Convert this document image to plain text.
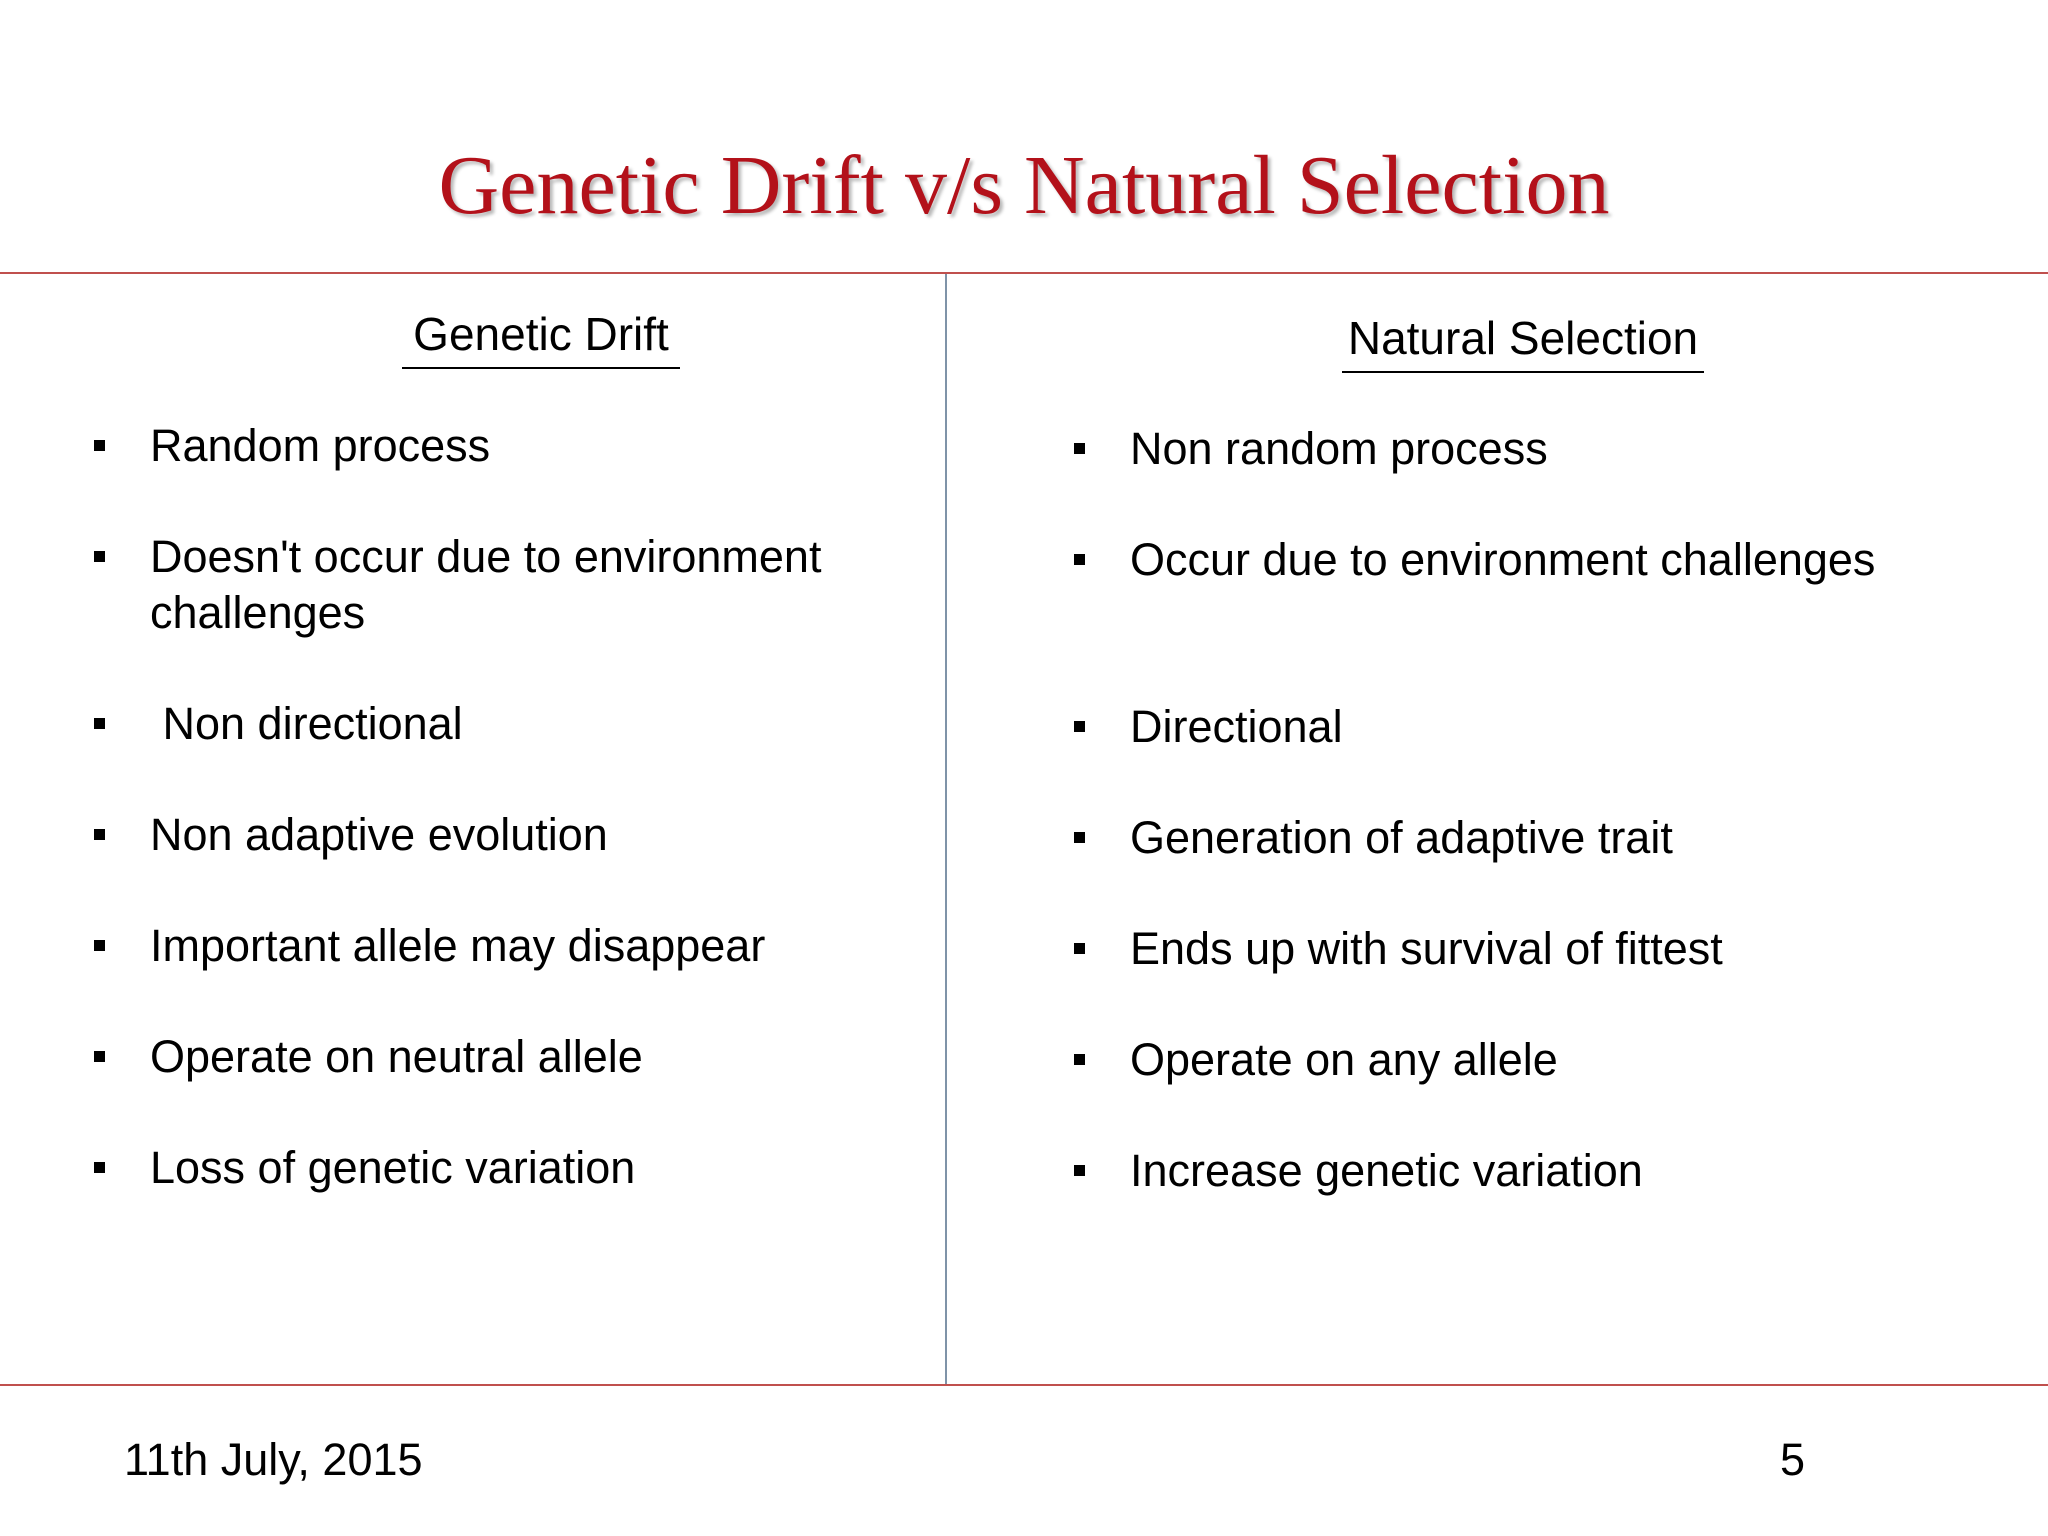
Genetic Drift v/s Natural Selection
Genetic Drift	Natural Selection
Random process
Doesn't occur due to environment challenges
Non directional
Non adaptive evolution
Important allele may disappear
Operate on neutral allele
Loss of genetic variation
Non random process
Occur due to environment challenges
Directional
Generation of adaptive trait
Ends up with survival of fittest
Operate on any allele
Increase genetic variation
11th July, 2015	5
